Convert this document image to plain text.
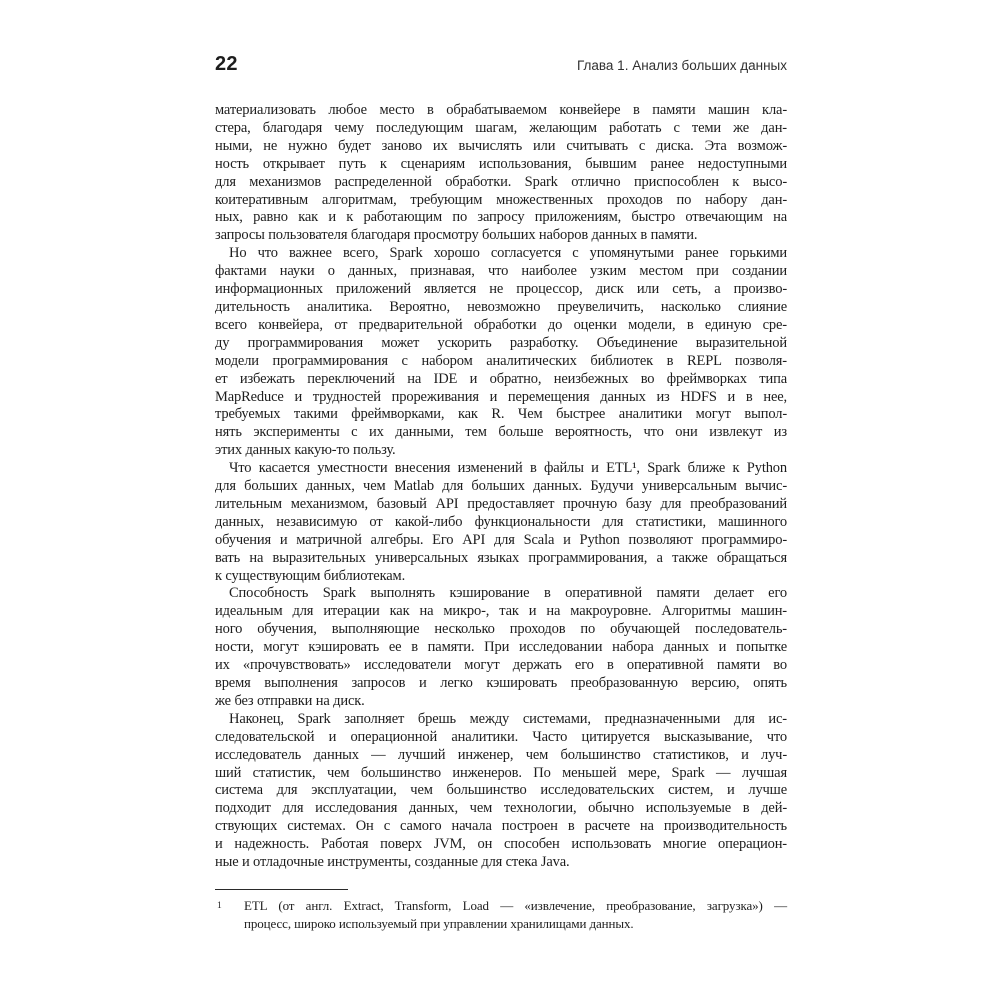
22	Глава 1. Анализ больших данных
материализовать любое место в обрабатываемом конвейере в памяти машин кла-
стера, благодаря чему последующим шагам, желающим работать с теми же дан-
ными, не нужно будет заново их вычислять или считывать с диска. Эта возмож-
ность открывает путь к сценариям использования, бывшим ранее недоступными
для механизмов распределенной обработки. Spark отлично приспособлен к высо-
коитеративным алгоритмам, требующим множественных проходов по набору дан-
ных, равно как и к работающим по запросу приложениям, быстро отвечающим на
запросы пользователя благодаря просмотру больших наборов данных в памяти.
Но что важнее всего, Spark хорошо согласуется с упомянутыми ранее горькими
фактами науки о данных, признавая, что наиболее узким местом при создании
информационных приложений является не процессор, диск или сеть, а произво-
дительность аналитика. Вероятно, невозможно преувеличить, насколько слияние
всего конвейера, от предварительной обработки до оценки модели, в единую сре-
ду программирования может ускорить разработку. Объединение выразительной
модели программирования с набором аналитических библиотек в REPL позволя-
ет избежать переключений на IDE и обратно, неизбежных во фреймворках типа
MapReduce и трудностей прореживания и перемещения данных из HDFS и в нее,
требуемых такими фреймворками, как R. Чем быстрее аналитики могут выпол-
нять эксперименты с их данными, тем больше вероятность, что они извлекут из
этих данных какую-то пользу.
Что касается уместности внесения изменений в файлы и ETL¹, Spark ближе к Python
для больших данных, чем Matlab для больших данных. Будучи универсальным вычис-
лительным механизмом, базовый API предоставляет прочную базу для преобразований
данных, независимую от какой-либо функциональности для статистики, машинного
обучения и матричной алгебры. Его API для Scala и Python позволяют программиро-
вать на выразительных универсальных языках программирования, а также обращаться
к существующим библиотекам.
Способность Spark выполнять кэширование в оперативной памяти делает его
идеальным для итерации как на микро-, так и на макроуровне. Алгоритмы машин-
ного обучения, выполняющие несколько проходов по обучающей последователь-
ности, могут кэшировать ее в памяти. При исследовании набора данных и попытке
их «прочувствовать» исследователи могут держать его в оперативной памяти во
время выполнения запросов и легко кэшировать преобразованную версию, опять
же без отправки на диск.
Наконец, Spark заполняет брешь между системами, предназначенными для ис-
следовательской и операционной аналитики. Часто цитируется высказывание, что
исследователь данных — лучший инженер, чем большинство статистиков, и луч-
ший статистик, чем большинство инженеров. По меньшей мере, Spark — лучшая
система для эксплуатации, чем большинство исследовательских систем, и лучше
подходит для исследования данных, чем технологии, обычно используемые в дей-
ствующих системах. Он с самого начала построен в расчете на производительность
и надежность. Работая поверх JVM, он способен использовать многие операцион-
ные и отладочные инструменты, созданные для стека Java.
1 ETL (от англ. Extract, Transform, Load — «извлечение, преобразование, загрузка») —
процесс, широко используемый при управлении хранилищами данных.
